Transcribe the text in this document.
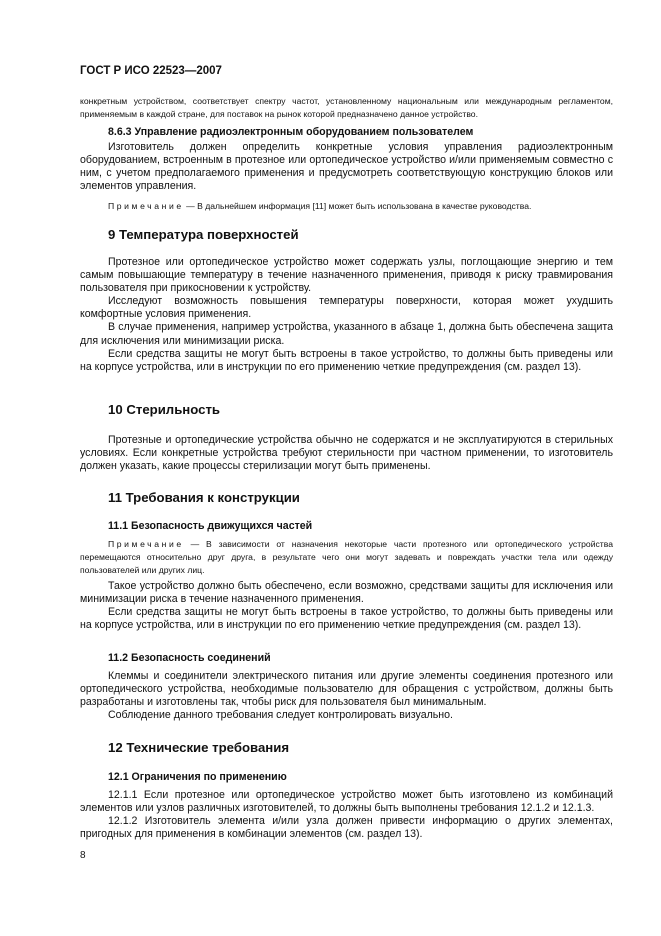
ГОСТ Р ИСО 22523—2007
конкретным устройством, соответствует спектру частот, установленному национальным или международным регламентом, применяемым в каждой стране, для поставок на рынок которой предназначено данное устройство.

8.6.3 Управление радиоэлектронным оборудованием пользователем

Изготовитель должен определить конкретные условия управления радиоэлектронным оборудованием, встроенным в протезное или ортопедическое устройство и/или применяемым совместно с ним, с учетом предполагаемого применения и предусмотреть соответствующую конструкцию блоков или элементов управления.

Примечание — В дальнейшем информация [11] может быть использована в качестве руководства.

9 Температура поверхностей

Протезное или ортопедическое устройство может содержать узлы, поглощающие энергию и тем самым повышающие температуру в течение назначенного применения, приводя к риску травмирования пользователя при прикосновении к устройству.

Исследуют возможность повышения температуры поверхности, которая может ухудшить комфортные условия применения.

В случае применения, например устройства, указанного в абзаце 1, должна быть обеспечена защита для исключения или минимизации риска.

Если средства защиты не могут быть встроены в такое устройство, то должны быть приведены или на корпусе устройства, или в инструкции по его применению четкие предупреждения (см. раздел 13).

10 Стерильность

Протезные и ортопедические устройства обычно не содержатся и не эксплуатируются в стерильных условиях. Если конкретные устройства требуют стерильности при частном применении, то изготовитель должен указать, какие процессы стерилизации могут быть применены.

11 Требования к конструкции

11.1 Безопасность движущихся частей

Примечание — В зависимости от назначения некоторые части протезного или ортопедического устройства перемещаются относительно друг друга, в результате чего они могут задевать и повреждать участки тела или одежду пользователей или других лиц.

Такое устройство должно быть обеспечено, если возможно, средствами защиты для исключения или минимизации риска в течение назначенного применения.

Если средства защиты не могут быть встроены в такое устройство, то должны быть приведены или на корпусе устройства, или в инструкции по его применению четкие предупреждения (см. раздел 13).

11.2 Безопасность соединений

Клеммы и соединители электрического питания или другие элементы соединения протезного или ортопедического устройства, необходимые пользователю для обращения с устройством, должны быть разработаны и изготовлены так, чтобы риск для пользователя был минимальным.

Соблюдение данного требования следует контролировать визуально.

12 Технические требования

12.1 Ограничения по применению

12.1.1 Если протезное или ортопедическое устройство может быть изготовлено из комбинаций элементов или узлов различных изготовителей, то должны быть выполнены требования 12.1.2 и 12.1.3.

12.1.2 Изготовитель элемента и/или узла должен привести информацию о других элементах, пригодных для применения в комбинации элементов (см. раздел 13).

8
